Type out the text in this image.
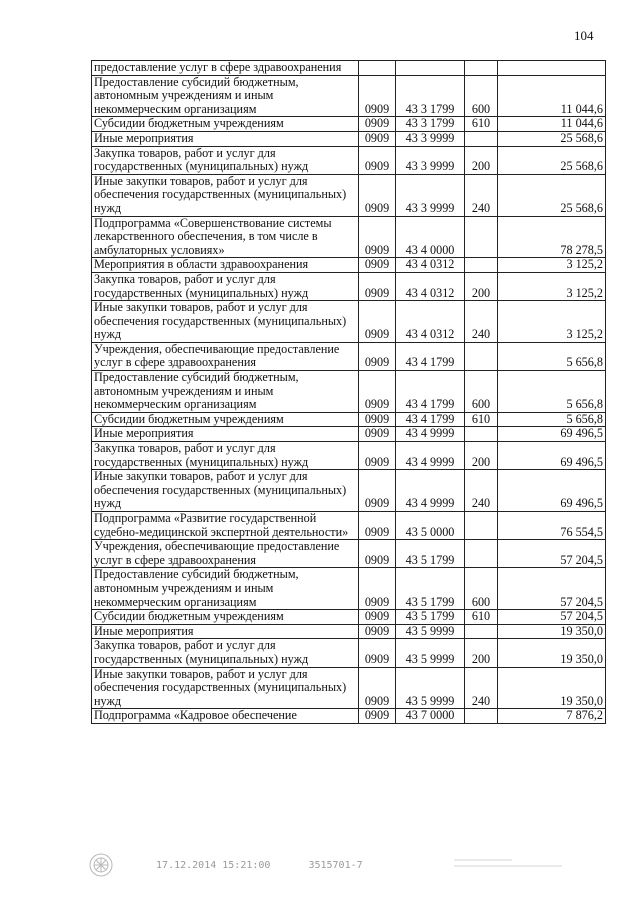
104
предоставление услуг в сфере здравоохранения				
Предоставление субсидий бюджетным, автономным учреждениям и иным некоммерческим организациям	0909	43 3 1799	600	11 044,6
Субсидии бюджетным учреждениям	0909	43 3 1799	610	11 044,6
Иные мероприятия	0909	43 3 9999		25 568,6
Закупка товаров, работ и услуг для государственных (муниципальных) нужд	0909	43 3 9999	200	25 568,6
Иные закупки товаров, работ и услуг для обеспечения государственных (муниципальных) нужд	0909	43 3 9999	240	25 568,6
Подпрограмма «Совершенствование системы лекарственного обеспечения, в том числе в амбулаторных условиях»	0909	43 4 0000		78 278,5
Мероприятия в области здравоохранения	0909	43 4 0312		3 125,2
Закупка товаров, работ и услуг для государственных (муниципальных) нужд	0909	43 4 0312	200	3 125,2
Иные закупки товаров, работ и услуг для обеспечения государственных (муниципальных) нужд	0909	43 4 0312	240	3 125,2
Учреждения, обеспечивающие предоставление услуг в сфере здравоохранения	0909	43 4 1799		5 656,8
Предоставление субсидий бюджетным, автономным учреждениям и иным некоммерческим организациям	0909	43 4 1799	600	5 656,8
Субсидии бюджетным учреждениям	0909	43 4 1799	610	5 656,8
Иные мероприятия	0909	43 4 9999		69 496,5
Закупка товаров, работ и услуг для государственных (муниципальных) нужд	0909	43 4 9999	200	69 496,5
Иные закупки товаров, работ и услуг для обеспечения государственных (муниципальных) нужд	0909	43 4 9999	240	69 496,5
Подпрограмма «Развитие государственной судебно-медицинской экспертной деятельности»	0909	43 5 0000		76 554,5
Учреждения, обеспечивающие предоставление услуг в сфере здравоохранения	0909	43 5 1799		57 204,5
Предоставление субсидий бюджетным, автономным учреждениям и иным некоммерческим организациям	0909	43 5 1799	600	57 204,5
Субсидии бюджетным учреждениям	0909	43 5 1799	610	57 204,5
Иные мероприятия	0909	43 5 9999		19 350,0
Закупка товаров, работ и услуг для государственных (муниципальных) нужд	0909	43 5 9999	200	19 350,0
Иные закупки товаров, работ и услуг для обеспечения государственных (муниципальных) нужд	0909	43 5 9999	240	19 350,0
Подпрограмма «Кадровое обеспечение	0909	43 7 0000		7 876,2
17.12.2014 15:21:00	3515701-7
